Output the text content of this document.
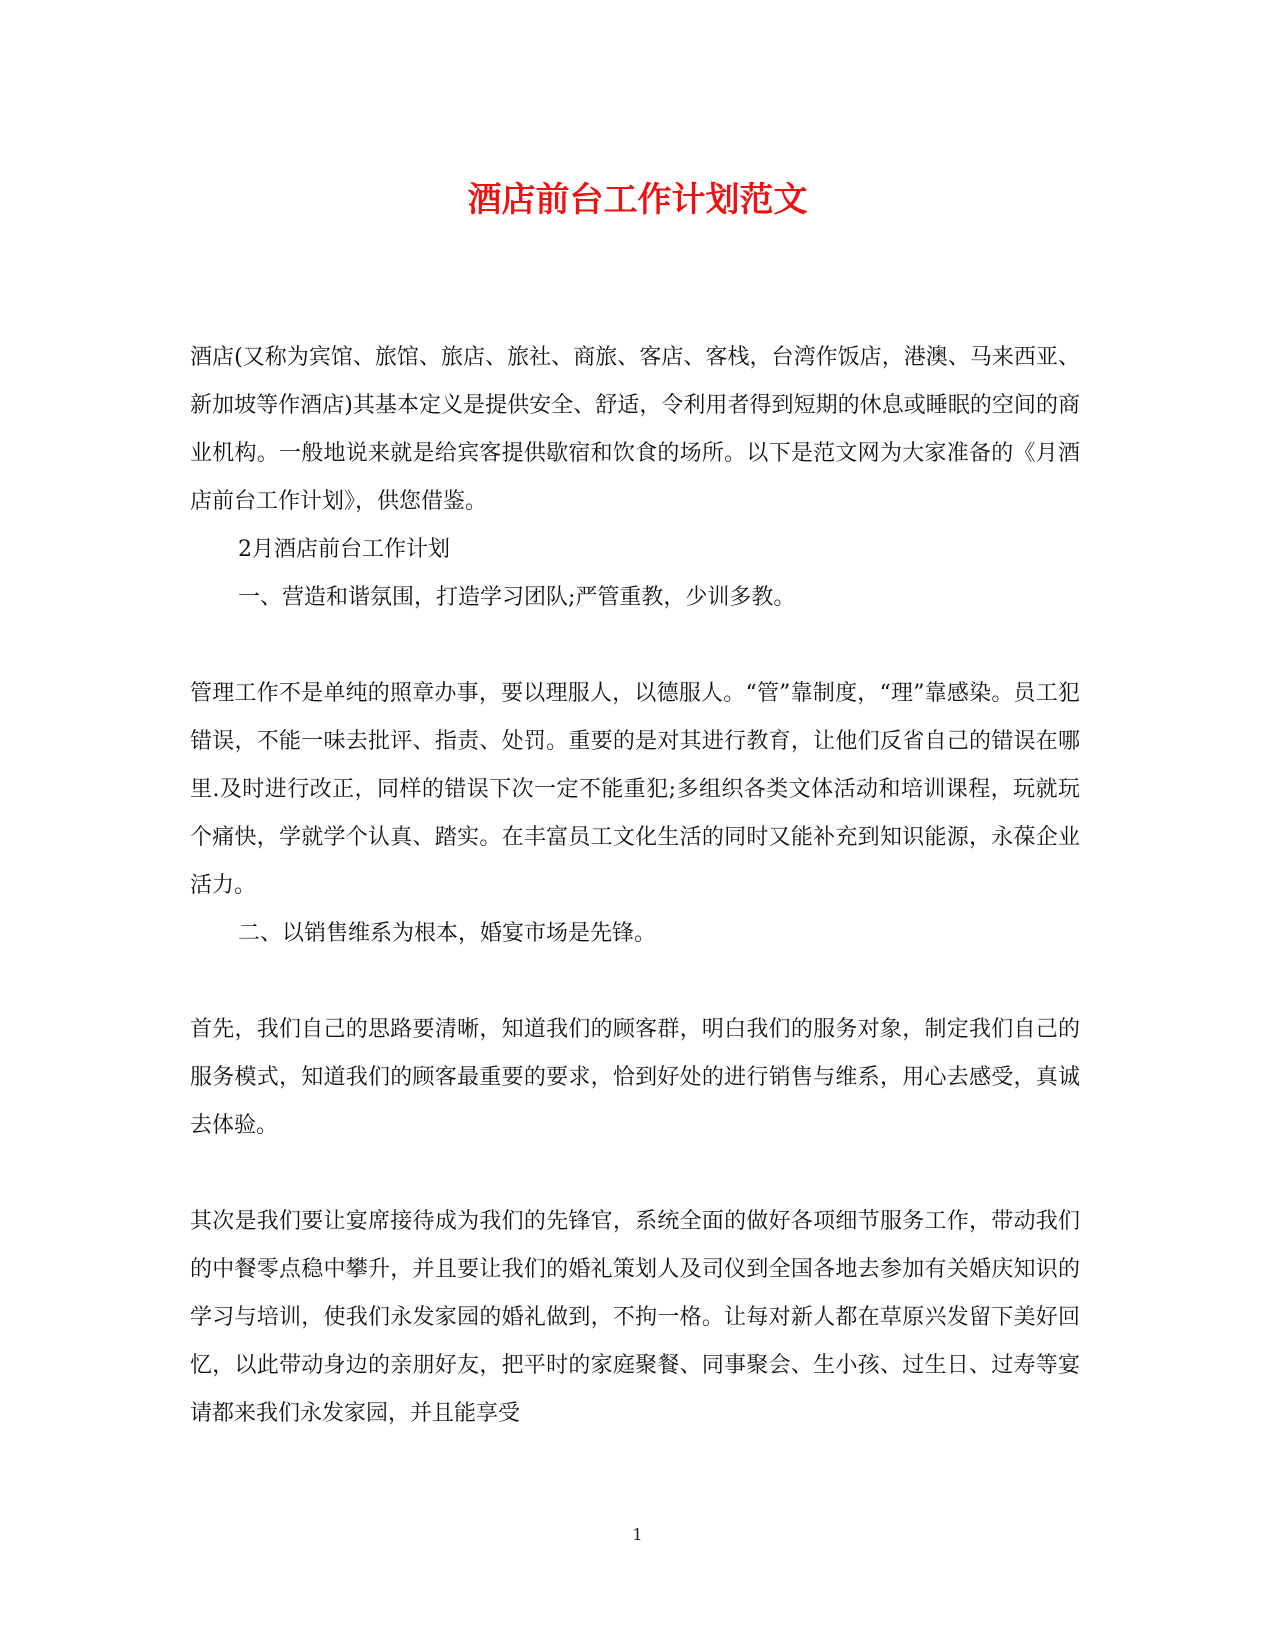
酒店前台工作计划范文

酒店(又称为宾馆、旅馆、旅店、旅社、商旅、客店、客栈，台湾作饭店，港澳、马来西亚、新加坡等作酒店)其基本定义是提供安全、舒适，令利用者得到短期的休息或睡眠的空间的商业机构。一般地说来就是给宾客提供歇宿和饮食的场所。以下是范文网为大家准备的《月酒店前台工作计划》，供您借鉴。

2月酒店前台工作计划

一、营造和谐氛围，打造学习团队;严管重教，少训多教。

管理工作不是单纯的照章办事，要以理服人，以德服人。“管”靠制度，“理”靠感染。员工犯错误，不能一味去批评、指责、处罚。重要的是对其进行教育，让他们反省自己的错误在哪里.及时进行改正，同样的错误下次一定不能重犯;多组织各类文体活动和培训课程，玩就玩个痛快，学就学个认真、踏实。在丰富员工文化生活的同时又能补充到知识能源，永葆企业活力。

二、以销售维系为根本，婚宴市场是先锋。

首先，我们自己的思路要清晰，知道我们的顾客群，明白我们的服务对象，制定我们自己的服务模式，知道我们的顾客最重要的要求，恰到好处的进行销售与维系，用心去感受，真诚去体验。

其次是我们要让宴席接待成为我们的先锋官，系统全面的做好各项细节服务工作，带动我们的中餐零点稳中攀升，并且要让我们的婚礼策划人及司仪到全国各地去参加有关婚庆知识的学习与培训，使我们永发家园的婚礼做到，不拘一格。让每对新人都在草原兴发留下美好回忆，以此带动身边的亲朋好友，把平时的家庭聚餐、同事聚会、生小孩、过生日、过寿等宴请都来我们永发家园，并且能享受

1
